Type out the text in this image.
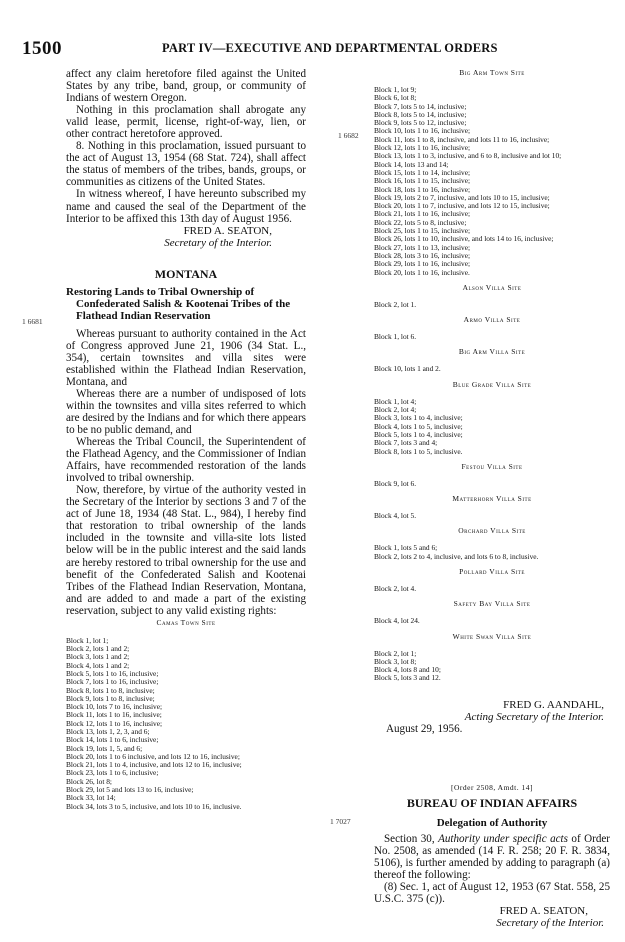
1500	PART IV—EXECUTIVE AND DEPARTMENTAL ORDERS

affect any claim heretofore filed against the United States by any tribe, band, group, or community of Indians of western Oregon.

Nothing in this proclamation shall abrogate any valid lease, permit, license, right-of-way, lien, or other contract heretofore approved.

8. Nothing in this proclamation, issued pursuant to the act of August 13, 1954 (68 Stat. 724), shall affect the status of members of the tribes, bands, groups, or communities as citizens of the United States.

In witness whereof, I have hereunto subscribed my name and caused the seal of the Department of the Interior to be affixed this 13th day of August 1956.

FRED A. SEATON,

Secretary of the Interior.

MONTANA

Restoring Lands to Tribal Ownership of Confederated Salish & Kootenai Tribes of the Flathead Indian Reservation

Whereas pursuant to authority contained in the Act of Congress approved June 21, 1906 (34 Stat. L., 354), certain townsites and villa sites were established within the Flathead Indian Reservation, Montana, and

Whereas there are a number of undisposed of lots within the townsites and villa sites referred to which are desired by the Indians and for which there appears to be no public demand, and

Whereas the Tribal Council, the Superintendent of the Flathead Agency, and the Commissioner of Indian Affairs, have recommended restoration of the lands involved to tribal ownership.

Now, therefore, by virtue of the authority vested in the Secretary of the Interior by sections 3 and 7 of the act of June 18, 1934 (48 Stat. L., 984), I hereby find that restoration to tribal ownership of the lands included in the townsite and villa-site lots listed below will be in the public interest and the said lands are hereby restored to tribal ownership for the use and benefit of the Confederated Salish and Kootenai Tribes of the Flathead Indian Reservation, Montana, and are added to and made a part of the existing reservation, subject to any valid existing rights:

Camas Town Site

Block 1, lot 1;
Block 2, lots 1 and 2;
Block 3, lots 1 and 2;
Block 4, lots 1 and 2;
Block 5, lots 1 to 16, inclusive;
Block 7, lots 1 to 16, inclusive;
Block 8, lots 1 to 8, inclusive;
Block 9, lots 1 to 8, inclusive;
Block 10, lots 7 to 16, inclusive;
Block 11, lots 1 to 16, inclusive;
Block 12, lots 1 to 16, inclusive;
Block 13, lots 1, 2, 3, and 6;
Block 14, lots 1 to 6, inclusive;
Block 19, lots 1, 5, and 6;
Block 20, lots 1 to 6 inclusive, and lots 12 to 16, inclusive;
Block 21, lots 1 to 4, inclusive, and lots 12 to 16, inclusive;
Block 23, lots 1 to 6, inclusive;
Block 26, lot 8;
Block 29, lot 5 and lots 13 to 16, inclusive;
Block 33, lot 14;
Block 34, lots 3 to 5, inclusive, and lots 10 to 16, inclusive.
1 6681

Big Arm Town Site

Block 1, lot 9;
Block 6, lot 8;
Block 7, lots 5 to 14, inclusive;
Block 8, lots 5 to 14, inclusive;
Block 9, lots 5 to 12, inclusive;
Block 10, lots 1 to 16, inclusive;
Block 11, lots 1 to 8, inclusive, and lots 11 to 16, inclusive;
Block 12, lots 1 to 16, inclusive;
Block 13, lots 1 to 3, inclusive, and 6 to 8, inclusive and lot 10;
Block 14, lots 13 and 14;
Block 15, lots 1 to 14, inclusive;
Block 16, lots 1 to 15, inclusive;
Block 18, lots 1 to 16, inclusive;
Block 19, lots 2 to 7, inclusive, and lots 10 to 15, inclusive;
Block 20, lots 1 to 7, inclusive, and lots 12 to 15, inclusive;
Block 21, lots 1 to 16, inclusive;
Block 22, lots 5 to 8, inclusive;
Block 25, lots 1 to 15, inclusive;
Block 26, lots 1 to 10, inclusive, and lots 14 to 16, inclusive;
Block 27, lots 1 to 13, inclusive;
Block 28, lots 3 to 16, inclusive;
Block 29, lots 1 to 16, inclusive;
Block 20, lots 1 to 16, inclusive.

Alson Villa Site

Block 2, lot 1.

Armo Villa Site

Block 1, lot 6.

Big Arm Villa Site

Block 10, lots 1 and 2.

Blue Grade Villa Site

Block 1, lot 4;
Block 2, lot 4;
Block 3, lots 1 to 4, inclusive;
Block 4, lots 1 to 5, inclusive;
Block 5, lots 1 to 4, inclusive;
Block 7, lots 3 and 4;
Block 8, lots 1 to 5, inclusive.

Festou Villa Site

Block 9, lot 6.

Matterhorn Villa Site

Block 4, lot 5.

Orchard Villa Site

Block 1, lots 5 and 6;
Block 2, lots 2 to 4, inclusive, and lots 6 to 8, inclusive.

Pollard Villa Site

Block 2, lot 4.

Safety Bay Villa Site

Block 4, lot 24.

White Swan Villa Site

Block 2, lot 1;
Block 3, lot 8;
Block 4, lots 8 and 10;
Block 5, lots 3 and 12.

FRED G. AANDAHL,

Acting Secretary of the Interior.

August 29, 1956.

[Order 2508, Amdt. 14]

BUREAU OF INDIAN AFFAIRS

Delegation of Authority

Section 30, Authority under specific acts of Order No. 2508, as amended (14 F. R. 258; 20 F. R. 3834, 5106), is further amended by adding to paragraph (a) thereof the following:

(8) Sec. 1, act of August 12, 1953 (67 Stat. 558, 25 U.S.C. 375 (c)).

FRED A. SEATON,

Secretary of the Interior.

1 6682
1 7027
